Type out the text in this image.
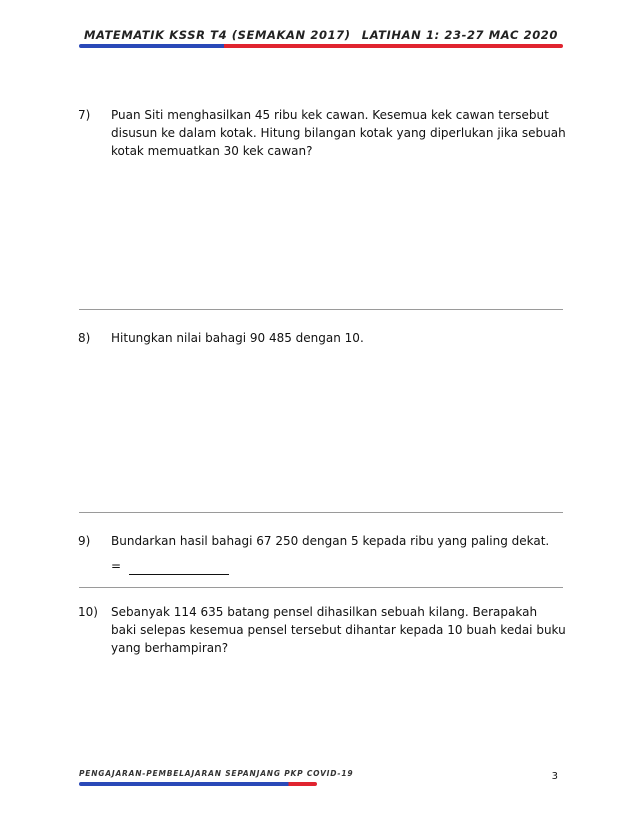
MATEMATIK KSSR T4 (SEMAKAN 2017) LATIHAN 1: 23-27 MAC 2020
7) Puan Siti menghasilkan 45 ribu kek cawan. Kesemua kek cawan tersebut disusun ke dalam kotak. Hitung bilangan kotak yang diperlukan jika sebuah kotak memuatkan 30 kek cawan?
8) Hitungkan nilai bahagi 90 485 dengan 10.
9) Bundarkan hasil bahagi 67 250 dengan 5 kepada ribu yang paling dekat.
=
10) Sebanyak 114 635 batang pensel dihasilkan sebuah kilang. Berapakah baki selepas kesemua pensel tersebut dihantar kepada 10 buah kedai buku yang berhampiran?
PENGAJARAN-PEMBELAJARAN SEPANJANG PKP COVID-19	3
